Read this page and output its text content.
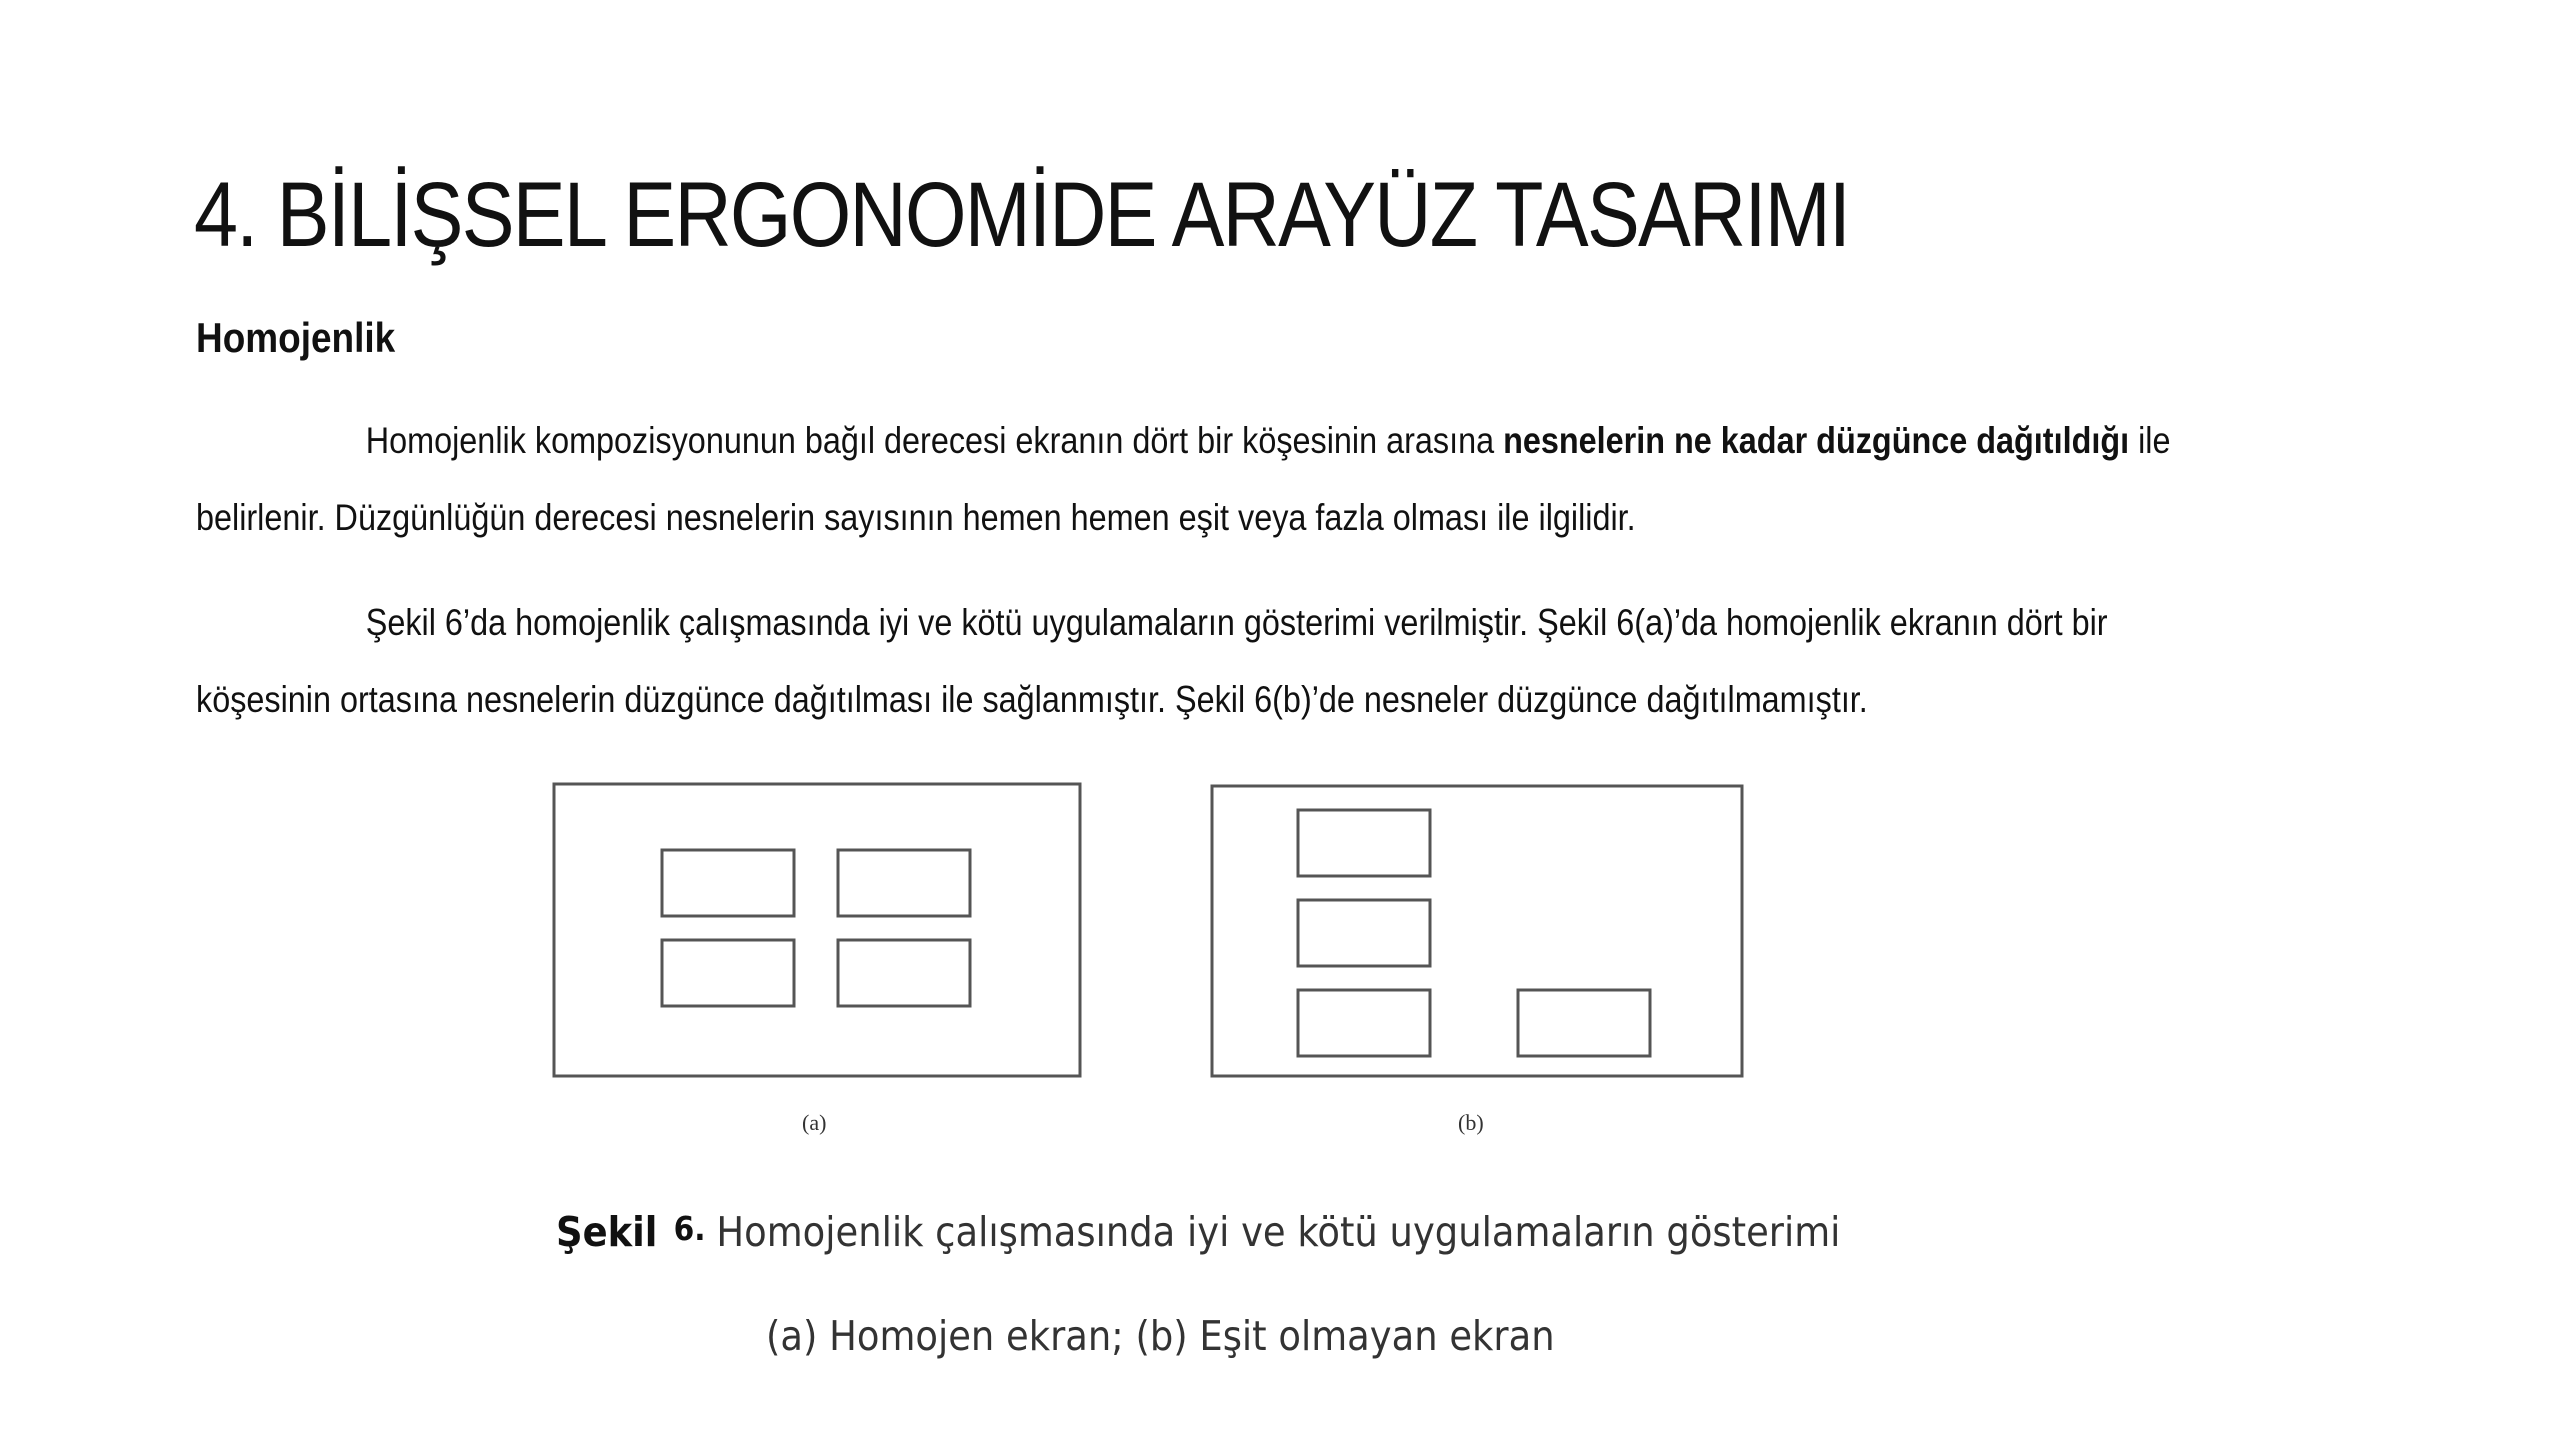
4. BİLİŞSEL ERGONOMİDE ARAYÜZ TASARIMI
Homojenlik
Homojenlik kompozisyonunun bağıl derecesi ekranın dört bir köşesinin arasına nesnelerin ne kadar düzgünce dağıtıldığı ile
belirlenir. Düzgünlüğün derecesi nesnelerin sayısının hemen hemen eşit veya fazla olması ile ilgilidir.
Şekil 6’da homojenlik çalışmasında iyi ve kötü uygulamaların gösterimi verilmiştir. Şekil 6(a)’da homojenlik ekranın dört bir
köşesinin ortasına nesnelerin düzgünce dağıtılması ile sağlanmıştır. Şekil 6(b)’de nesneler düzgünce dağıtılmamıştır.
(a)	(b)
Şekil 6. Homojenlik çalışmasında iyi ve kötü uygulamaların gösterimi
(a) Homojen ekran; (b) Eşit olmayan ekran
